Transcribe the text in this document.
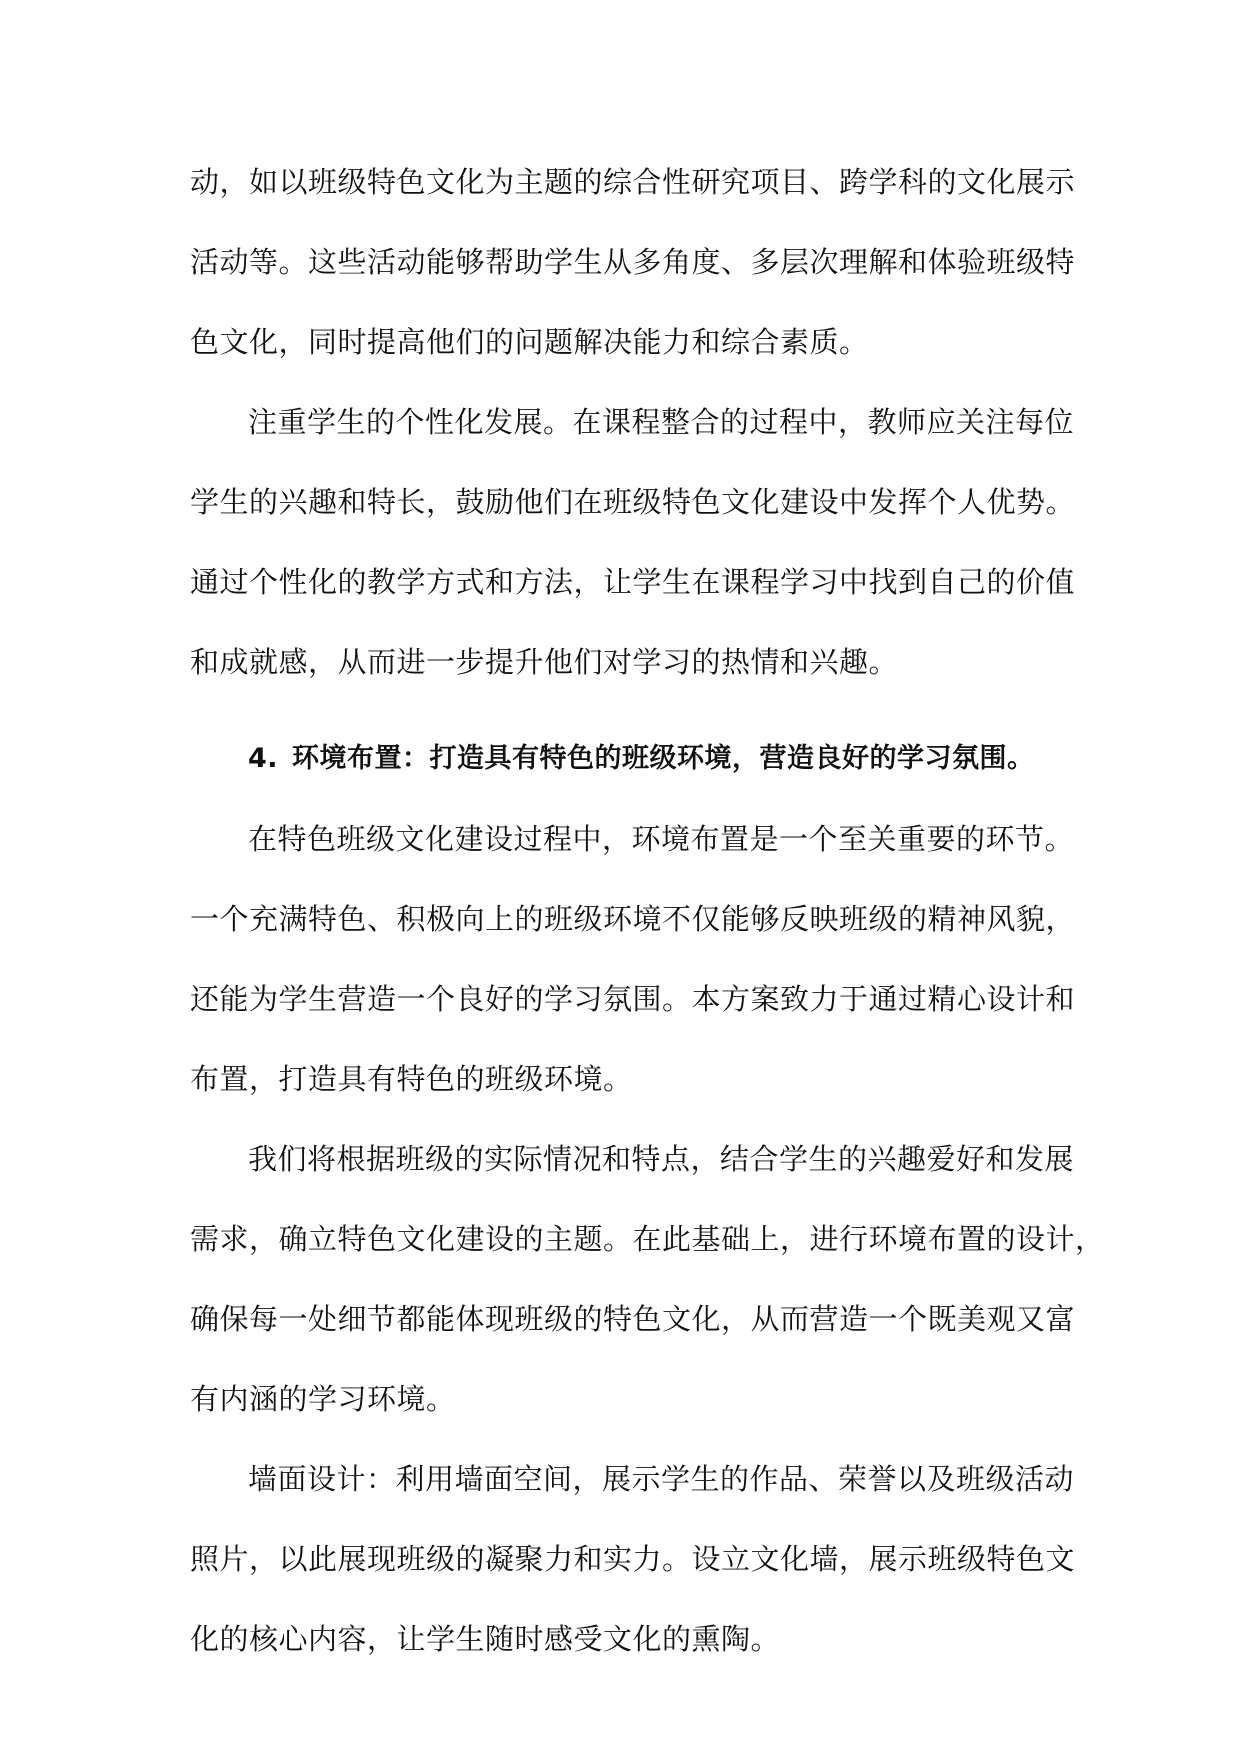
动，如以班级特色文化为主题的综合性研究项目、跨学科的文化展示
活动等。这些活动能够帮助学生从多角度、多层次理解和体验班级特
色文化，同时提高他们的问题解决能力和综合素质。

注重学生的个性化发展。在课程整合的过程中，教师应关注每位
学生的兴趣和特长，鼓励他们在班级特色文化建设中发挥个人优势。
通过个性化的教学方式和方法，让学生在课程学习中找到自己的价值
和成就感，从而进一步提升他们对学习的热情和兴趣。

4. 环境布置：打造具有特色的班级环境，营造良好的学习氛围。

在特色班级文化建设过程中，环境布置是一个至关重要的环节。
一个充满特色、积极向上的班级环境不仅能够反映班级的精神风貌，
还能为学生营造一个良好的学习氛围。本方案致力于通过精心设计和
布置，打造具有特色的班级环境。

我们将根据班级的实际情况和特点，结合学生的兴趣爱好和发展
需求，确立特色文化建设的主题。在此基础上，进行环境布置的设计，
确保每一处细节都能体现班级的特色文化，从而营造一个既美观又富
有内涵的学习环境。

墙面设计：利用墙面空间，展示学生的作品、荣誉以及班级活动
照片，以此展现班级的凝聚力和实力。设立文化墙，展示班级特色文
化的核心内容，让学生随时感受文化的熏陶。
